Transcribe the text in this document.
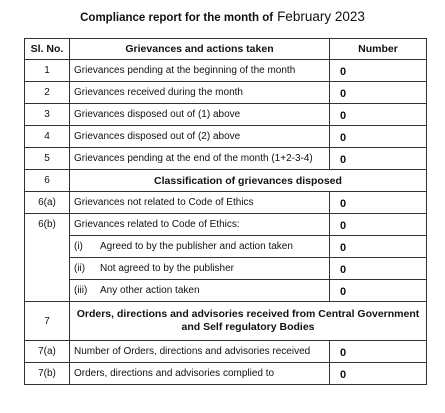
Compliance report for the month of February 2023
Sl. No.	Grievances and actions taken	Number
1	Grievances pending at the beginning of the month	0
2	Grievances received during the month	0
3	Grievances disposed out of (1) above	0
4	Grievances disposed out of (2) above	0
5	Grievances pending at the end of the month (1+2-3-4)	0
6	Classification of grievances disposed	
6(a)	Grievances not related to Code of Ethics	0
6(b)	Grievances related to Code of Ethics:	0

	(i) Agreed to by the publisher and action taken	0

	(ii) Not agreed to by the publisher	0

	(iii) Any other action taken	0
7	Orders, directions and advisories received from Central Government and Self regulatory Bodies	
7(a)	Number of Orders, directions and advisories received	0
7(b)	Orders, directions and advisories complied to	0
